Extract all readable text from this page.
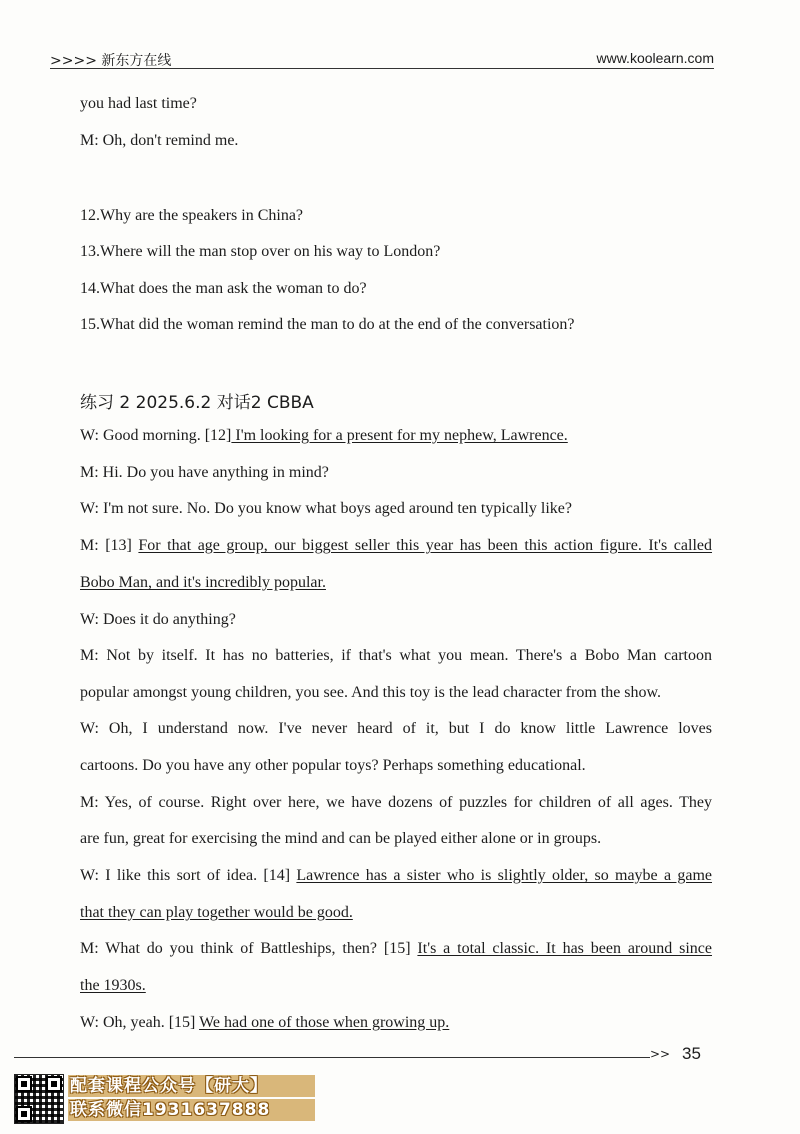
>>>> 新东方在线	www.koolearn.com
you had last time?
M: Oh, don't remind me.
12.Why are the speakers in China?
13.Where will the man stop over on his way to London?
14.What does the man ask the woman to do?
15.What did the woman remind the man to do at the end of the conversation?
练习 2 2025.6.2 对话2 CBBA
W: Good morning. [12] I'm looking for a present for my nephew, Lawrence.
M: Hi. Do you have anything in mind?
W: I'm not sure. No. Do you know what boys aged around ten typically like?
M: [13] For that age group, our biggest seller this year has been this action figure. It's called
Bobo Man, and it's incredibly popular.
W: Does it do anything?
M: Not by itself. It has no batteries, if that's what you mean. There's a Bobo Man cartoon
popular amongst young children, you see. And this toy is the lead character from the show.
W: Oh, I understand now. I've never heard of it, but I do know little Lawrence loves
cartoons. Do you have any other popular toys? Perhaps something educational.
M: Yes, of course. Right over here, we have dozens of puzzles for children of all ages. They
are fun, great for exercising the mind and can be played either alone or in groups.
W: I like this sort of idea. [14] Lawrence has a sister who is slightly older, so maybe a game
that they can play together would be good.
M: What do you think of Battleships, then? [15] It's a total classic. It has been around since
the 1930s.
W: Oh, yeah. [15] We had one of those when growing up.
>> 35
配套课程公众号【研大】
联系微信1931637888
